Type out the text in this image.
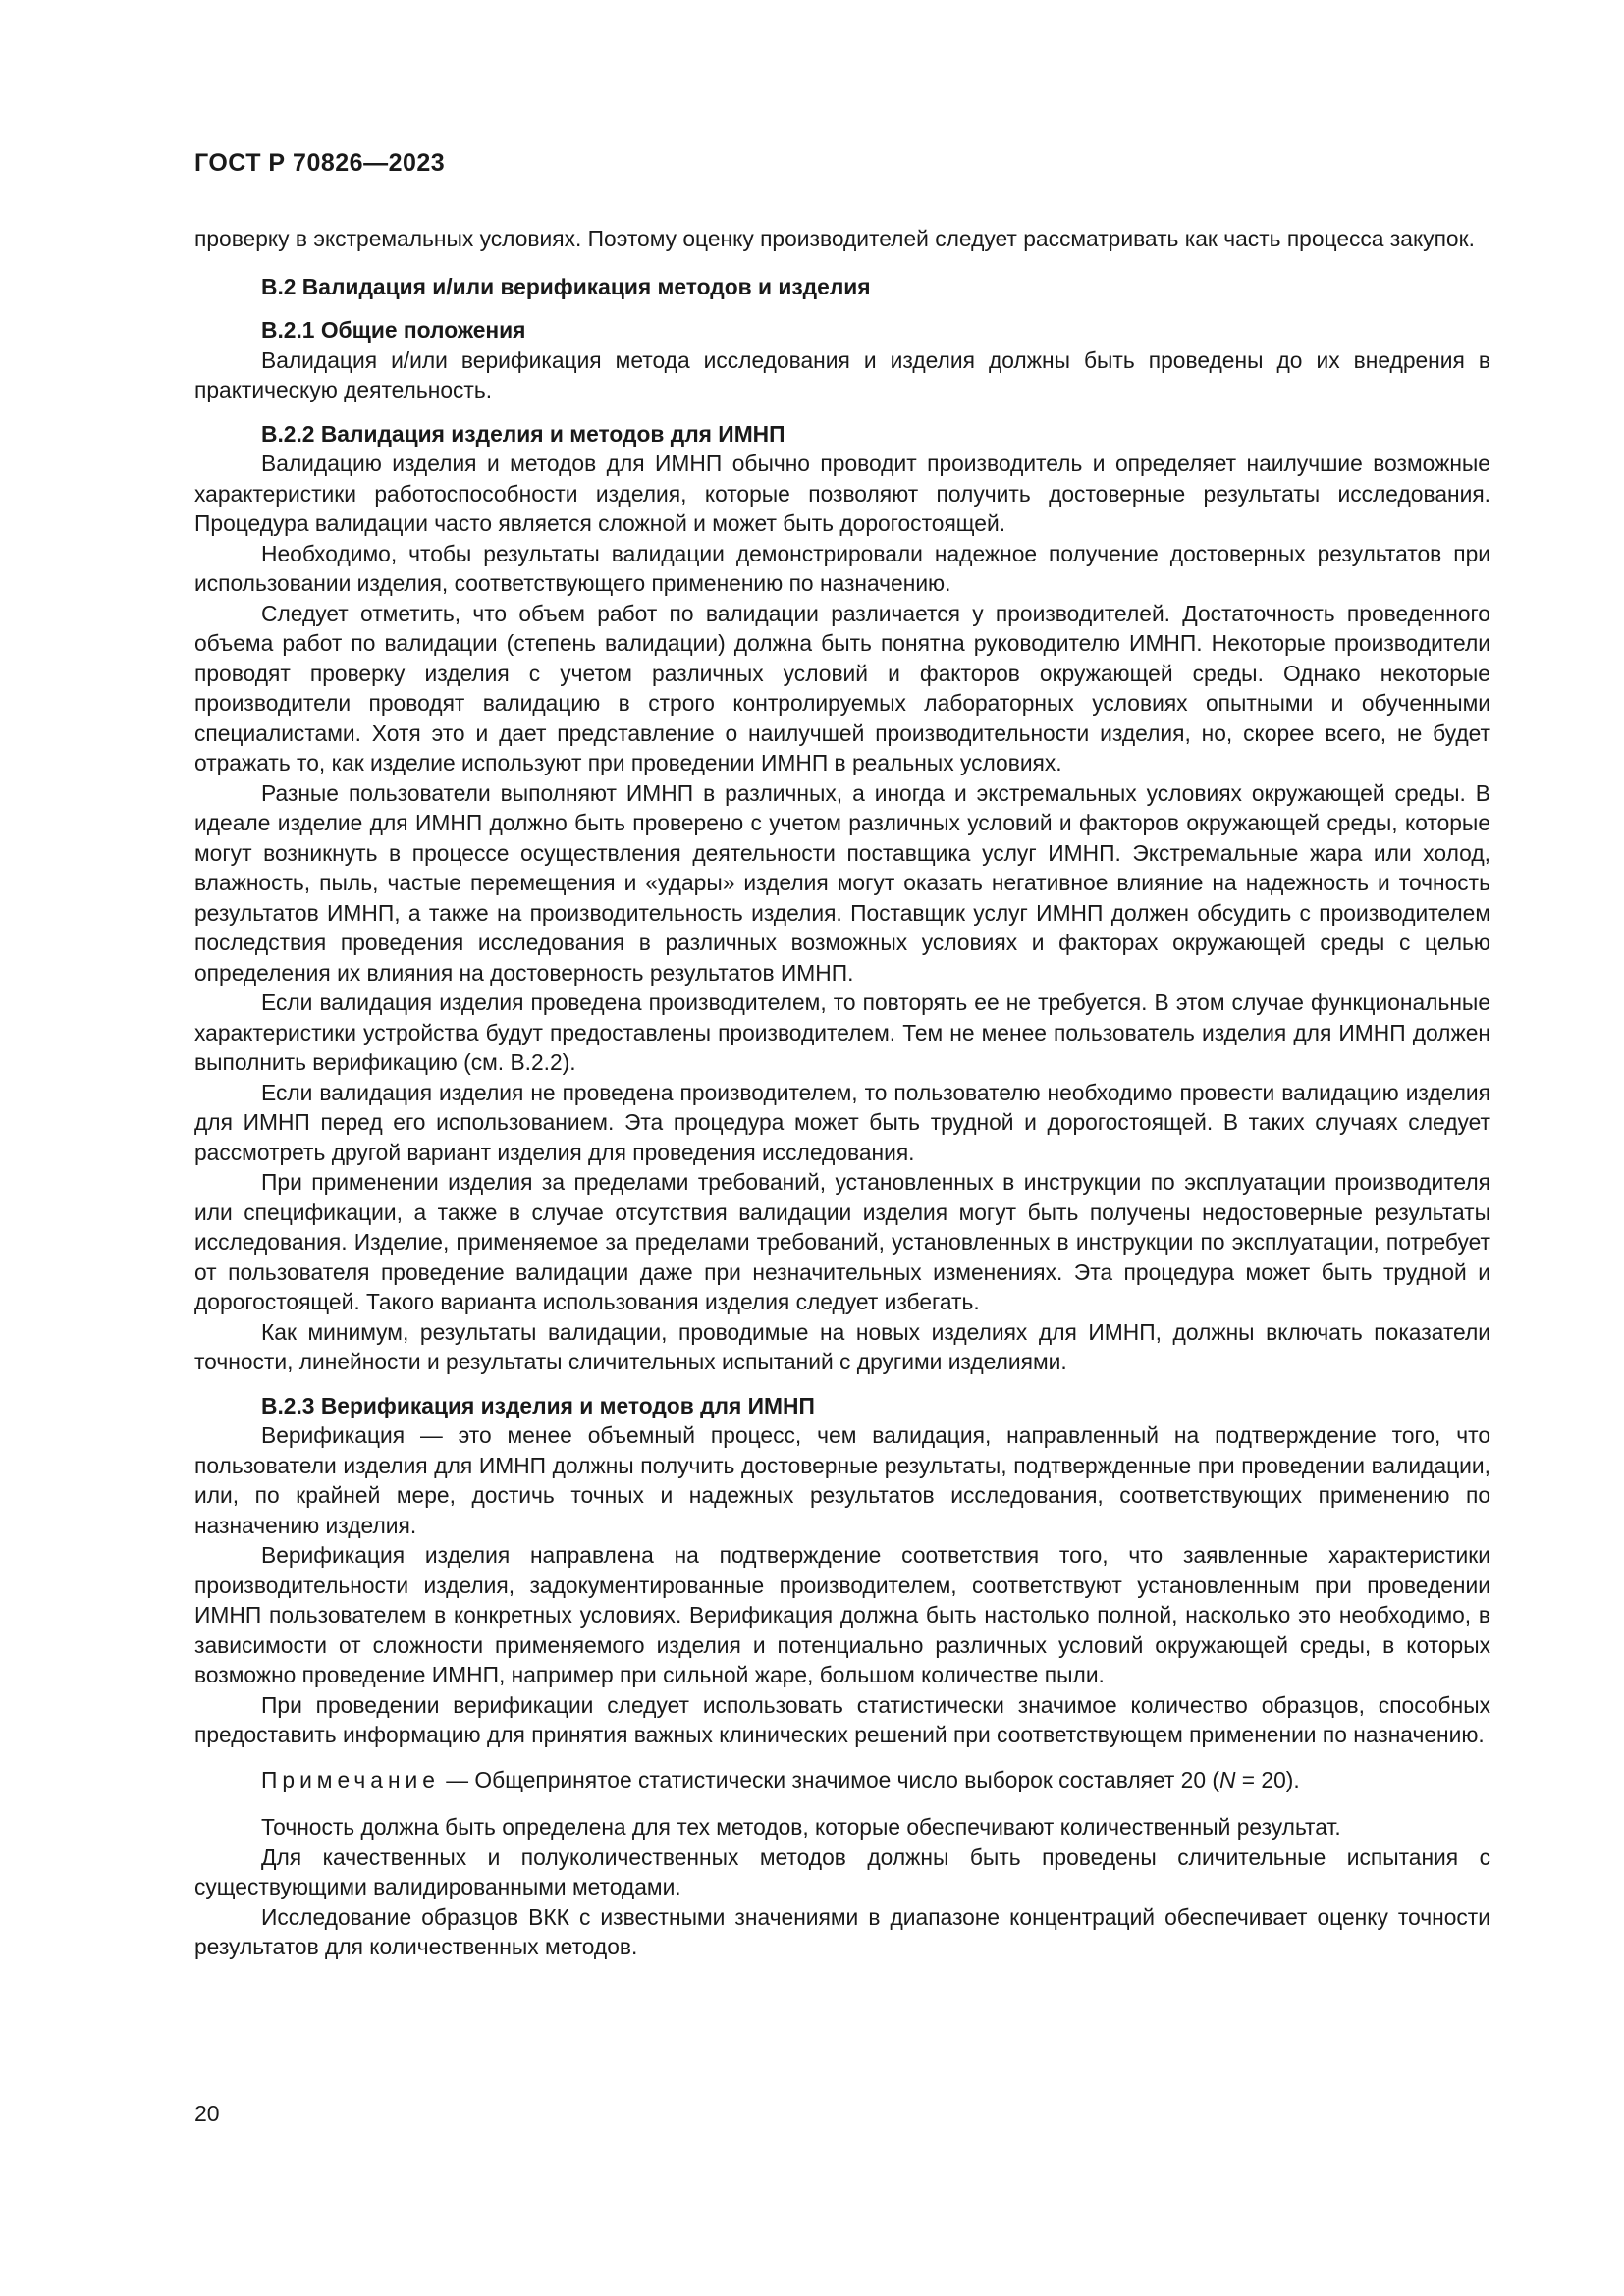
ГОСТ Р 70826—2023

проверку в экстремальных условиях. Поэтому оценку производителей следует рассматривать как часть процесса закупок.

В.2 Валидация и/или верификация методов и изделия

В.2.1 Общие положения

Валидация и/или верификация метода исследования и изделия должны быть проведены до их внедрения в практическую деятельность.

В.2.2 Валидация изделия и методов для ИМНП

Валидацию изделия и методов для ИМНП обычно проводит производитель и определяет наилучшие возможные характеристики работоспособности изделия, которые позволяют получить достоверные результаты исследования. Процедура валидации часто является сложной и может быть дорогостоящей.

Необходимо, чтобы результаты валидации демонстрировали надежное получение достоверных результатов при использовании изделия, соответствующего применению по назначению.

Следует отметить, что объем работ по валидации различается у производителей. Достаточность проведенного объема работ по валидации (степень валидации) должна быть понятна руководителю ИМНП. Некоторые производители проводят проверку изделия с учетом различных условий и факторов окружающей среды. Однако некоторые производители проводят валидацию в строго контролируемых лабораторных условиях опытными и обученными специалистами. Хотя это и дает представление о наилучшей производительности изделия, но, скорее всего, не будет отражать то, как изделие используют при проведении ИМНП в реальных условиях.

Разные пользователи выполняют ИМНП в различных, а иногда и экстремальных условиях окружающей среды. В идеале изделие для ИМНП должно быть проверено с учетом различных условий и факторов окружающей среды, которые могут возникнуть в процессе осуществления деятельности поставщика услуг ИМНП. Экстремальные жара или холод, влажность, пыль, частые перемещения и «удары» изделия могут оказать негативное влияние на надежность и точность результатов ИМНП, а также на производительность изделия. Поставщик услуг ИМНП должен обсудить с производителем последствия проведения исследования в различных возможных условиях и факторах окружающей среды с целью определения их влияния на достоверность результатов ИМНП.

Если валидация изделия проведена производителем, то повторять ее не требуется. В этом случае функциональные характеристики устройства будут предоставлены производителем. Тем не менее пользователь изделия для ИМНП должен выполнить верификацию (см. В.2.2).

Если валидация изделия не проведена производителем, то пользователю необходимо провести валидацию изделия для ИМНП перед его использованием. Эта процедура может быть трудной и дорогостоящей. В таких случаях следует рассмотреть другой вариант изделия для проведения исследования.

При применении изделия за пределами требований, установленных в инструкции по эксплуатации производителя или спецификации, а также в случае отсутствия валидации изделия могут быть получены недостоверные результаты исследования. Изделие, применяемое за пределами требований, установленных в инструкции по эксплуатации, потребует от пользователя проведение валидации даже при незначительных изменениях. Эта процедура может быть трудной и дорогостоящей. Такого варианта использования изделия следует избегать.

Как минимум, результаты валидации, проводимые на новых изделиях для ИМНП, должны включать показатели точности, линейности и результаты сличительных испытаний с другими изделиями.

В.2.3 Верификация изделия и методов для ИМНП

Верификация — это менее объемный процесс, чем валидация, направленный на подтверждение того, что пользователи изделия для ИМНП должны получить достоверные результаты, подтвержденные при проведении валидации, или, по крайней мере, достичь точных и надежных результатов исследования, соответствующих применению по назначению изделия.

Верификация изделия направлена на подтверждение соответствия того, что заявленные характеристики производительности изделия, задокументированные производителем, соответствуют установленным при проведении ИМНП пользователем в конкретных условиях. Верификация должна быть настолько полной, насколько это необходимо, в зависимости от сложности применяемого изделия и потенциально различных условий окружающей среды, в которых возможно проведение ИМНП, например при сильной жаре, большом количестве пыли.

При проведении верификации следует использовать статистически значимое количество образцов, способных предоставить информацию для принятия важных клинических решений при соответствующем применении по назначению.

Примечание — Общепринятое статистически значимое число выборок составляет 20 (N = 20).

Точность должна быть определена для тех методов, которые обеспечивают количественный результат.

Для качественных и полуколичественных методов должны быть проведены сличительные испытания с существующими валидированными методами.

Исследование образцов ВКК с известными значениями в диапазоне концентраций обеспечивает оценку точности результатов для количественных методов.

20
